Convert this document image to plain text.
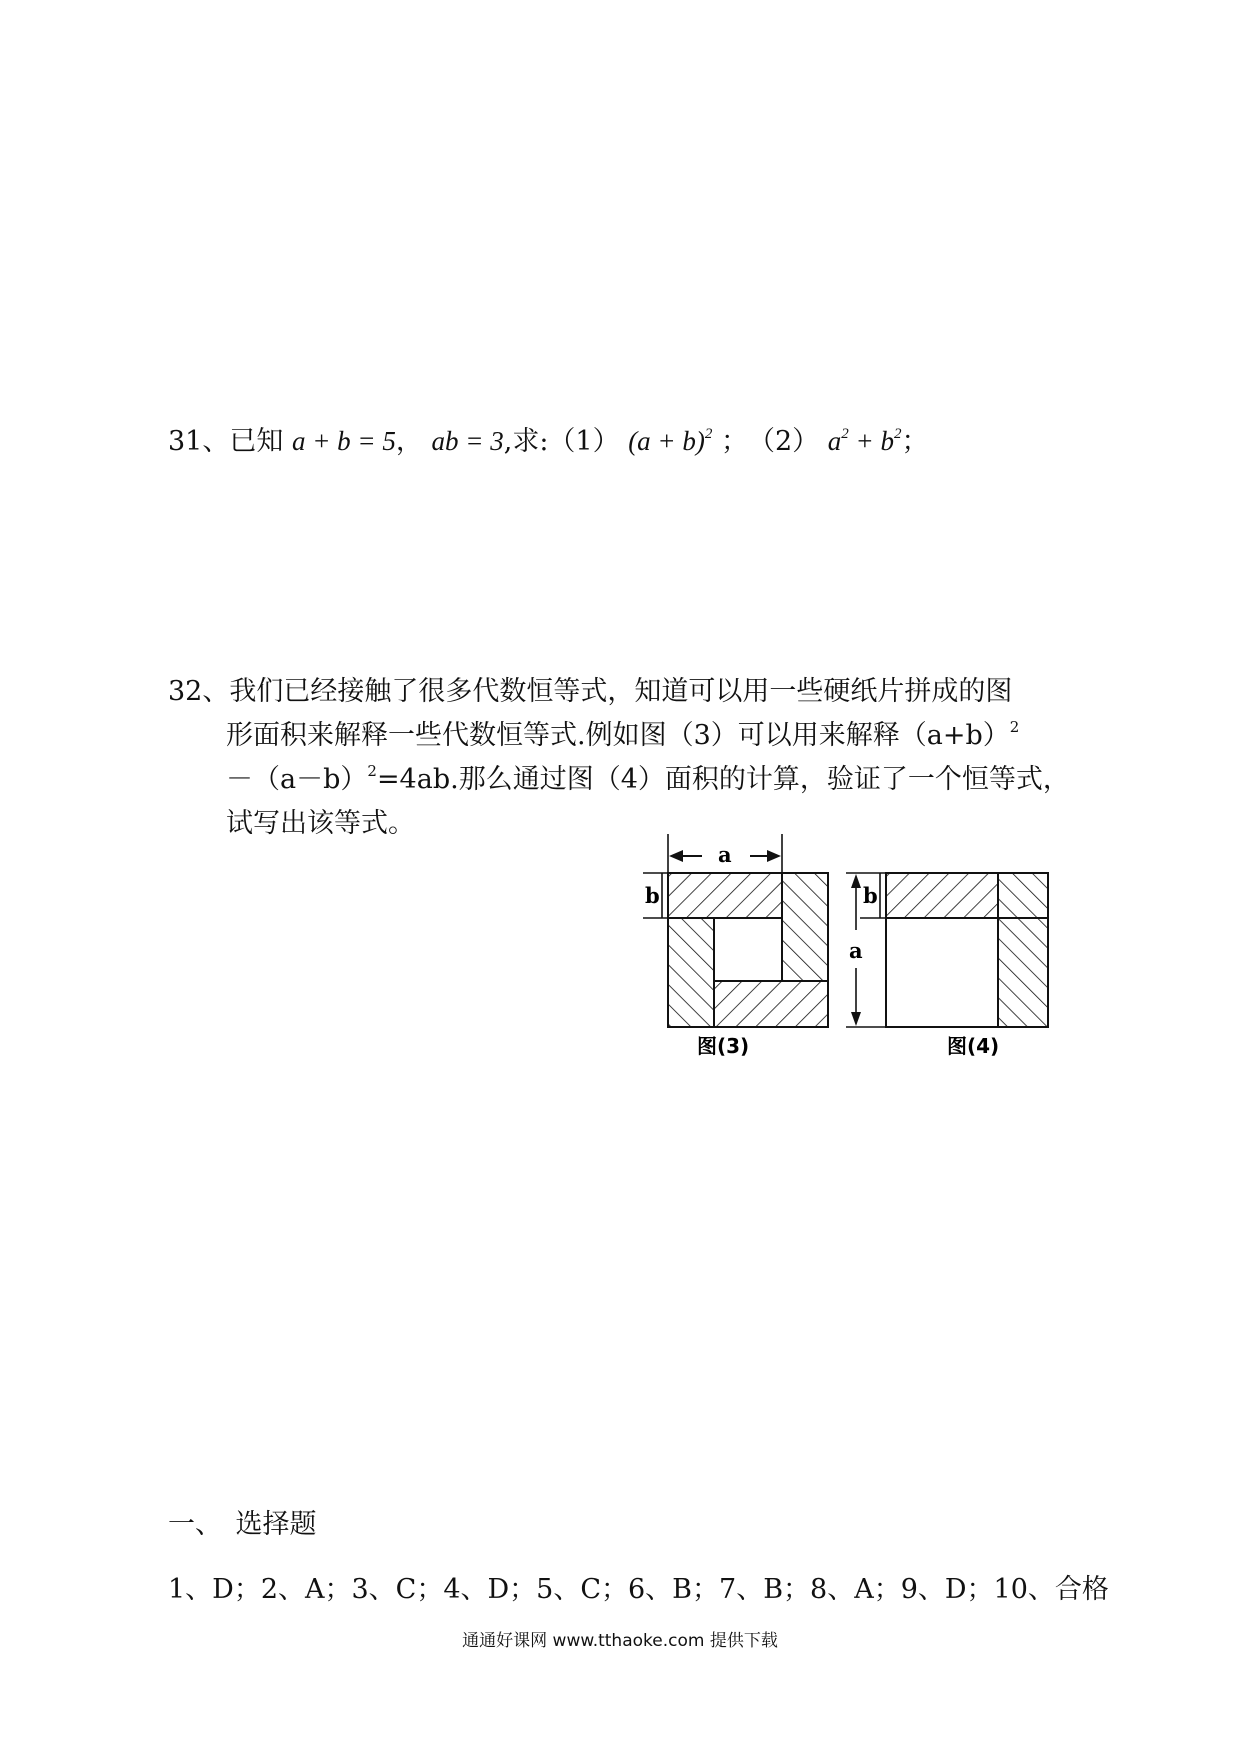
31、已知 a + b = 5， ab = 3,求:（1） $(a + b)^2$ ；　（2） $a^2 + b^2$；
32、我们已经接触了很多代数恒等式，知道可以用一些硬纸片拼成的图
形面积来解释一些代数恒等式.例如图（3）可以用来解释$(a+b)^2$
$-(a-b)^2=4ab$.那么通过图（4）面积的计算，验证了一个恒等式，
试写出该等式。
a
b
图(3)
b
a
图(4)
一、　选择题
1、D；2、A；3、C；4、D；5、C；6、B；7、B；8、A；9、D；10、合格
通通好课网 www.tthaoke.com 提供下载
